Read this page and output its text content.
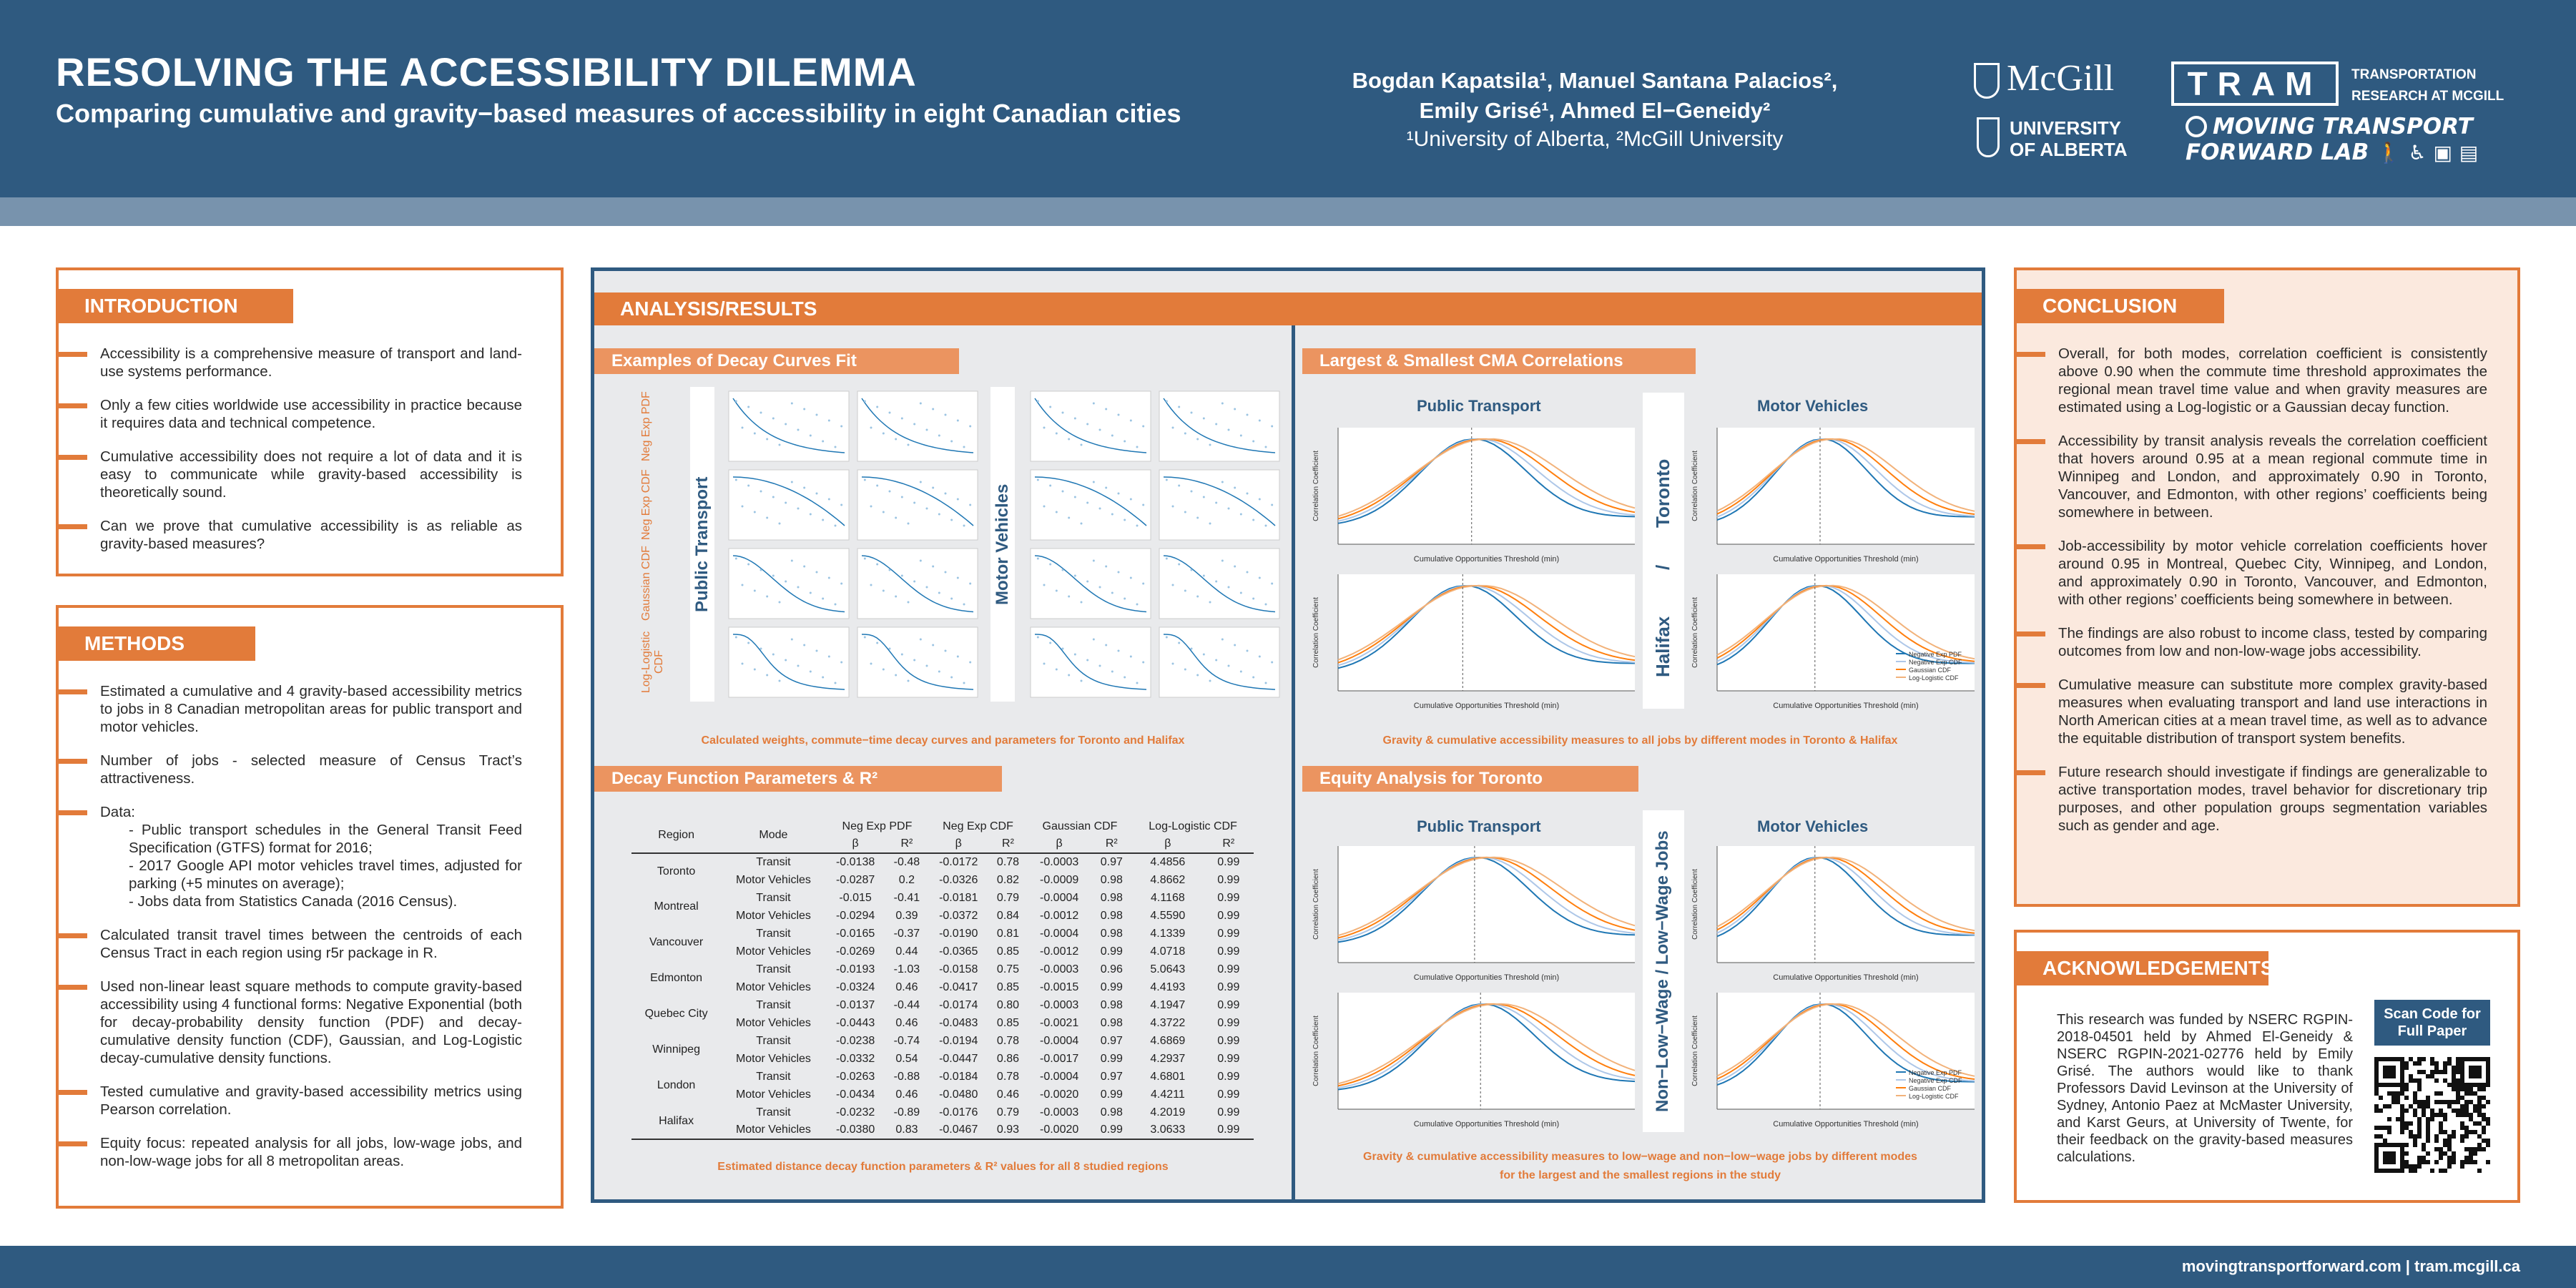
RESOLVING THE ACCESSIBILITY DILEMMA
Comparing cumulative and gravity−based measures of accessibility in eight Canadian cities
Bogdan Kapatsila¹, Manuel Santana Palacios²,
Emily Grisé¹, Ahmed El−Geneidy²
¹University of Alberta, ²McGill University
McGill
UNIVERSITY
OF ALBERTA
TRAM	TRANSPORTATION
RESEARCH AT MCGILL
MOVING TRANSPORT
FORWARD LAB 🚶 ♿ ▣ ▤
INTRODUCTION
Accessibility is a comprehensive measure of transport and land-use systems performance.
Only a few cities worldwide use accessibility in practice because it requires data and technical competence.
Cumulative accessibility does not require a lot of data and it is easy to communicate while gravity-based accessibility is theoretically sound.
Can we prove that cumulative accessibility is as reliable as gravity-based measures?
METHODS
Estimated a cumulative and 4 gravity-based accessibility metrics to jobs in 8 Canadian metropolitan areas for public transport and motor vehicles.
Number of jobs - selected measure of Census Tract’s attractiveness.
Data:
- Public transport schedules in the General Transit Feed Specification (GTFS) format for 2016;
- 2017 Google API motor vehicles travel times, adjusted for parking (+5 minutes on average);
- Jobs data from Statistics Canada (2016 Census).
Calculated transit travel times between the centroids of each Census Tract in each region using r5r package in R.
Used non-linear least square methods to compute gravity-based accessibility using 4 functional forms: Negative Exponential (both for decay-probability density function (PDF) and decay-cumulative density function (CDF), Gaussian, and Log-Logistic decay-cumulative density functions.
Tested cumulative and gravity-based accessibility metrics using Pearson correlation.
Equity focus: repeated analysis for all jobs, low-wage jobs, and non-low-wage jobs for all 8 metropolitan areas.
ANALYSIS/RESULTS
Examples of Decay Curves Fit
Public Transport	Motor Vehicles
Neg Exp PDF
Neg Exp CDF
Gaussian CDF
Log-Logistic CDF
Calculated weights, commute−time decay curves and parameters for Toronto and Halifax
Decay Function Parameters & R²
Region	Mode	Neg Exp PDF		Neg Exp CDF		Gaussian CDF		Log-Logistic CDF	
		β	R²	β	R²	β	R²	β	R²
Toronto	Transit	-0.0138	-0.48	-0.0172	0.78	-0.0003	0.97	4.4856	0.99
	Motor Vehicles	-0.0287	0.2	-0.0326	0.82	-0.0009	0.98	4.8662	0.99
Montreal	Transit	-0.015	-0.41	-0.0181	0.79	-0.0004	0.98	4.1168	0.99
	Motor Vehicles	-0.0294	0.39	-0.0372	0.84	-0.0012	0.98	4.5590	0.99
Vancouver	Transit	-0.0165	-0.37	-0.0190	0.81	-0.0004	0.98	4.1339	0.99
	Motor Vehicles	-0.0269	0.44	-0.0365	0.85	-0.0012	0.99	4.0718	0.99
Edmonton	Transit	-0.0193	-1.03	-0.0158	0.75	-0.0003	0.96	5.0643	0.99
	Motor Vehicles	-0.0324	0.46	-0.0417	0.85	-0.0015	0.99	4.4193	0.99
Quebec City	Transit	-0.0137	-0.44	-0.0174	0.80	-0.0003	0.98	4.1947	0.99
	Motor Vehicles	-0.0443	0.46	-0.0483	0.85	-0.0021	0.98	4.3722	0.99
Winnipeg	Transit	-0.0238	-0.74	-0.0194	0.78	-0.0004	0.97	4.6869	0.99
	Motor Vehicles	-0.0332	0.54	-0.0447	0.86	-0.0017	0.99	4.2937	0.99
London	Transit	-0.0263	-0.88	-0.0184	0.78	-0.0004	0.97	4.6801	0.99
	Motor Vehicles	-0.0434	0.46	-0.0480	0.46	-0.0020	0.99	4.4211	0.99
Halifax	Transit	-0.0232	-0.89	-0.0176	0.79	-0.0003	0.98	4.2019	0.99
	Motor Vehicles	-0.0380	0.83	-0.0467	0.93	-0.0020	0.99	3.0633	0.99
Estimated distance decay function parameters & R² values for all 8 studied regions
Largest & Smallest CMA Correlations
Public Transport	Motor Vehicles
Toronto
/
Halifax
Correlation Coefficient
Cumulative Opportunities Threshold (min)
Correlation Coefficient
Cumulative Opportunities Threshold (min)
Correlation Coefficient
Cumulative Opportunities Threshold (min)
Correlation Coefficient
Cumulative Opportunities Threshold (min)
Negative Exp PDF
Negative Exp CDF
Gaussian CDF
Log-Logistic CDF
Gravity & cumulative accessibility measures to all jobs by different modes in Toronto & Halifax
Equity Analysis for Toronto
Public Transport	Motor Vehicles
Non−Low−Wage / Low−Wage Jobs
Correlation Coefficient
Cumulative Opportunities Threshold (min)
Correlation Coefficient
Cumulative Opportunities Threshold (min)
Correlation Coefficient
Cumulative Opportunities Threshold (min)
Correlation Coefficient
Cumulative Opportunities Threshold (min)
Negative Exp PDF
Negative Exp CDF
Gaussian CDF
Log-Logistic CDF
Gravity & cumulative accessibility measures to low−wage and non−low−wage jobs by different modes
for the largest and the smallest regions in the study
CONCLUSION
Overall, for both modes, correlation coefficient is consistently above 0.90 when the commute time threshold approximates the regional mean travel time value and when gravity measures are estimated using a Log-logistic or a Gaussian decay function.
Accessibility by transit analysis reveals the correlation coefficient that hovers around 0.95 at a mean regional commute time in Winnipeg and London, and approximately 0.90 in Toronto, Vancouver, and Edmonton, with other regions’ coefficients being somewhere in between.
Job-accessibility by motor vehicle correlation coefficients hover around 0.95 in Montreal, Quebec City, Winnipeg, and London, and approximately 0.90 in Toronto, Vancouver, and Edmonton, with other regions’ coefficients being somewhere in between.
The findings are also robust to income class, tested by comparing outcomes from low and non-low-wage jobs accessibility.
Cumulative measure can substitute more complex gravity-based measures when evaluating transport and land use interactions in North American cities at a mean travel time, as well as to advance the equitable distribution of transport system benefits.
Future research should investigate if findings are generalizable to active transportation modes, travel behavior for discretionary trip purposes, and other population groups segmentation variables such as gender and age.
ACKNOWLEDGEMENTS
This research was funded by NSERC RGPIN-2018-04501 held by Ahmed El-Geneidy & NSERC RGPIN-2021-02776 held by Emily Grisé. The authors would like to thank Professors David Levinson at the University of Sydney, Antonio Paez at McMaster University, and Karst Geurs, at University of Twente, for their feedback on the gravity-based measures calculations.
Scan Code for Full Paper
movingtransportforward.com | tram.mcgill.ca
